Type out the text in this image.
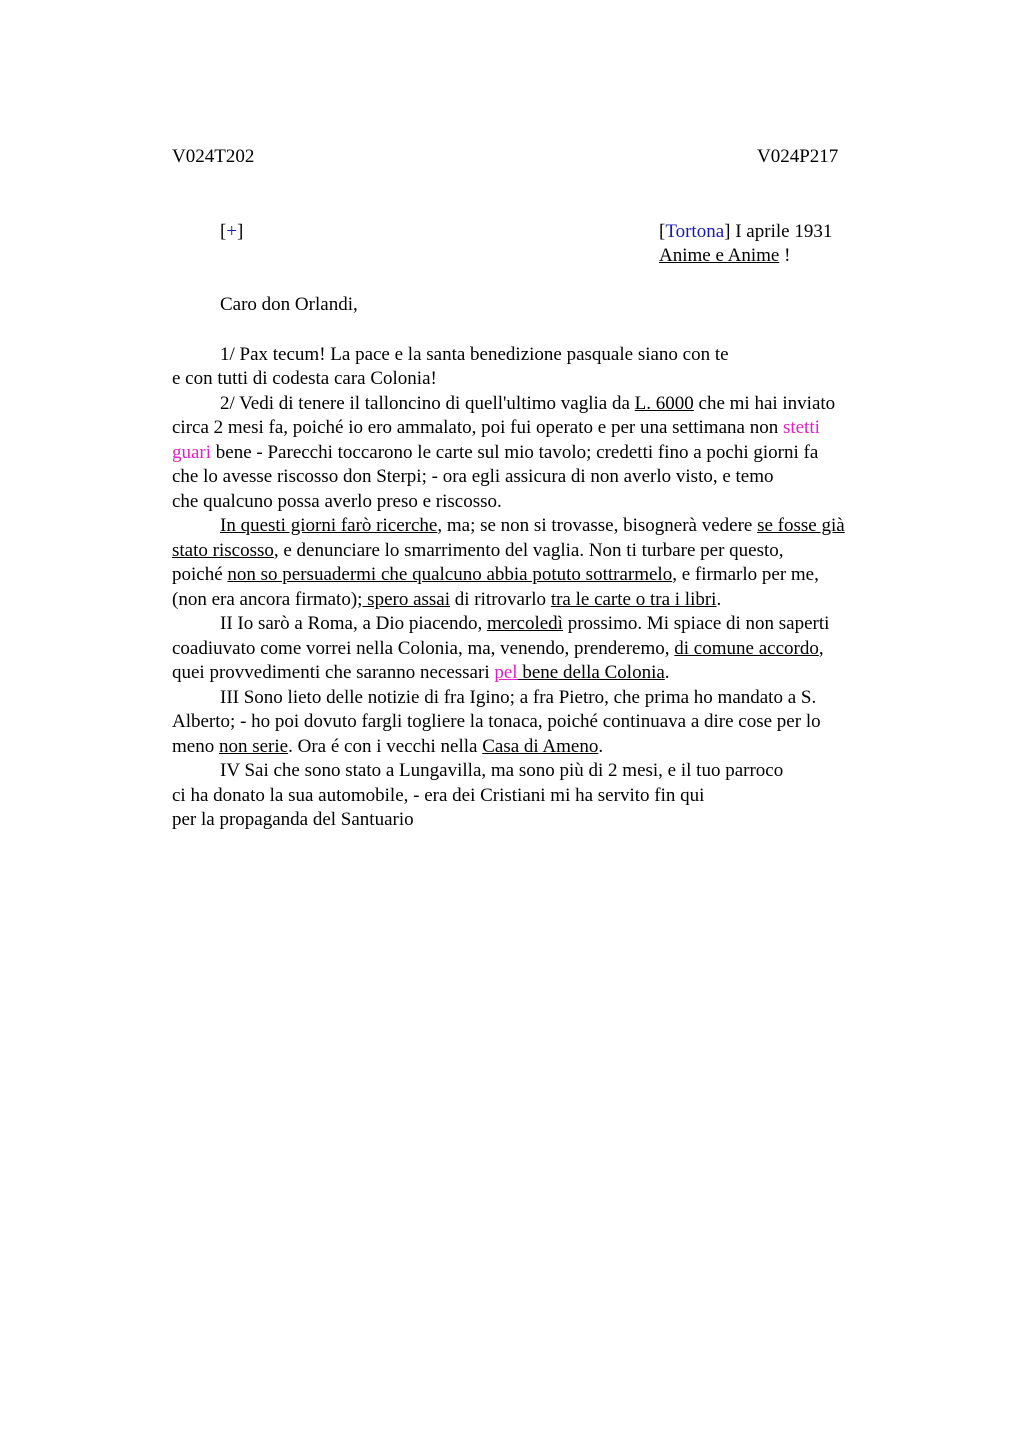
V024T202	V024P217
[+]	[Tortona] I aprile 1931
Anime e Anime !
Caro don Orlandi,
1/ Pax tecum! La pace e la santa benedizione pasquale siano con te
e con tutti di codesta cara Colonia!
2/ Vedi di tenere il talloncino di quell'ultimo vaglia da L. 6000 che mi hai inviato
circa 2 mesi fa, poiché io ero ammalato, poi fui operato e per una settimana non stetti
guari bene - Parecchi toccarono le carte sul mio tavolo; credetti fino a pochi giorni fa
che lo avesse riscosso don Sterpi; - ora egli assicura di non averlo visto, e temo
che qualcuno possa averlo preso e riscosso.
In questi giorni farò ricerche, ma; se non si trovasse, bisognerà vedere se fosse già
stato riscosso, e denunciare lo smarrimento del vaglia. Non ti turbare per questo,
poiché non so persuadermi che qualcuno abbia potuto sottrarmelo, e firmarlo per me,
(non era ancora firmato); spero assai di ritrovarlo tra le carte o tra i libri.
II Io sarò a Roma, a Dio piacendo, mercoledì prossimo. Mi spiace di non saperti
coadiuvato come vorrei nella Colonia, ma, venendo, prenderemo, di comune accordo,
quei provvedimenti che saranno necessari pel bene della Colonia.
III Sono lieto delle notizie di fra Igino; a fra Pietro, che prima ho mandato a S.
Alberto; - ho poi dovuto fargli togliere la tonaca, poiché continuava a dire cose per lo
meno non serie. Ora é con i vecchi nella Casa di Ameno.
IV Sai che sono stato a Lungavilla, ma sono più di 2 mesi, e il tuo parroco
ci ha donato la sua automobile, - era dei Cristiani mi ha servito fin qui
per la propaganda del Santuario
